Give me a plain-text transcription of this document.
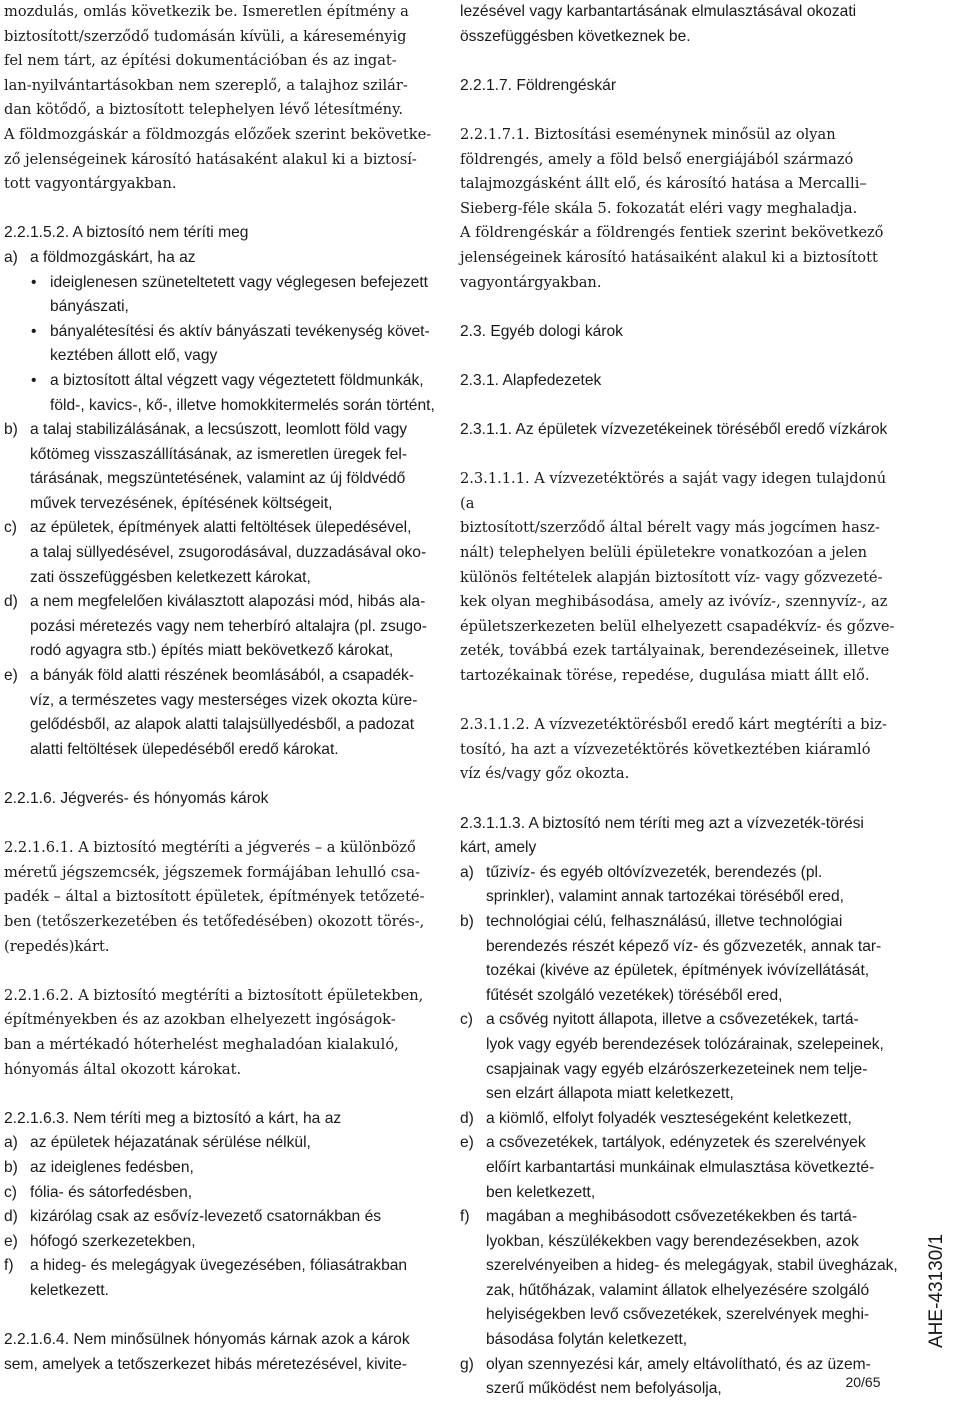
mozdulás, omlás következik be. Ismeretlen építmény a
biztosított/szerződő tudomásán kívüli, a káreseményig
fel nem tárt, az építési dokumentációban és az ingat-
lan-nyilvántartásokban nem szereplő, a talajhoz szilár-
dan kötődő, a biztosított telephelyen lévő létesítmény.
A földmozgáskár a földmozgás előzőek szerint bekövetke-
ző jelenségeinek károsító hatásaként alakul ki a biztosí-
tott vagyontárgyakban.
2.2.1.5.2. A biztosító nem téríti meg
a) a földmozgáskárt, ha az
• ideiglenesen szüneteltetett vagy véglegesen befejezett
bányászati,
• bányalétesítési és aktív bányászati tevékenység követ-
keztében állott elő, vagy
• a biztosított által végzett vagy végeztetett földmunkák,
föld-, kavics-, kő-, illetve homokkitermelés során történt,
b) a talaj stabilizálásának, a lecsúszott, leomlott föld vagy
kőtömeg visszaszállításának, az ismeretlen üregek fel-
tárásának, megszüntetésének, valamint az új földvédő
művek tervezésének, építésének költségeit,
c) az épületek, építmények alatti feltöltések ülepedésével,
a talaj süllyedésével, zsugorodásával, duzzadásával oko-
zati összefüggésben keletkezett károkat,
d) a nem megfelelően kiválasztott alapozási mód, hibás ala-
pozási méretezés vagy nem teherbíró altalajra (pl. zsugo-
rodó agyagra stb.) építés miatt bekövetkező károkat,
e) a bányák föld alatti részének beomlásából, a csapadék-
víz, a természetes vagy mesterséges vizek okozta küre-
gelődésből, az alapok alatti talajsüllyedésből, a padozat
alatti feltöltések ülepedéséből eredő károkat.
2.2.1.6. Jégverés- és hónyomás károk
2.2.1.6.1. A biztosító megtéríti a jégverés – a különböző
méretű jégszemcsék, jégszemek formájában lehulló csa-
padék – által a biztosított épületek, építmények tetőzeté-
ben (tetőszerkezetében és tetőfedésében) okozott törés-,
(repedés)kárt.
2.2.1.6.2. A biztosító megtéríti a biztosított épületekben,
építményekben és az azokban elhelyezett ingóságok-
ban a mértékadó hóterhelést meghaladóan kialakuló,
hónyomás által okozott károkat.
2.2.1.6.3. Nem téríti meg a biztosító a kárt, ha az
a) az épületek héjazatának sérülése nélkül,
b) az ideiglenes fedésben,
c) fólia- és sátorfedésben,
d) kizárólag csak az esővíz-levezető csatornákban és
e) hófogó szerkezetekben,
f) a hideg- és melegágyak üvegezésében, fóliasátrakban
keletkezett.
2.2.1.6.4. Nem minősülnek hónyomás kárnak azok a károk
sem, amelyek a tetőszerkezet hibás méretezésével, kivite-
lezésével vagy karbantartásának elmulasztásával okozati
összefüggésben következnek be.
2.2.1.7. Földrengéskár
2.2.1.7.1. Biztosítási eseménynek minősül az olyan
földrengés, amely a föld belső energiájából származó
talajmozgásként állt elő, és károsító hatása a Mercalli–
Sieberg-féle skála 5. fokozatát eléri vagy meghaladja.
A földrengéskár a földrengés fentiek szerint bekövetkező
jelenségeinek károsító hatásaiként alakul ki a biztosított
vagyontárgyakban.
2.3. Egyéb dologi károk
2.3.1. Alapfedezetek
2.3.1.1. Az épületek vízvezetékeinek töréséből eredő vízkárok
2.3.1.1.1. A vízvezetéktörés a saját vagy idegen tulajdonú (a
biztosított/szerződő által bérelt vagy más jogcímen hasz-
nált) telephelyen belüli épületekre vonatkozóan a jelen
különös feltételek alapján biztosított víz- vagy gőzvezeté-
kek olyan meghibásodása, amely az ivóvíz-, szennyvíz-, az
épületszerkezeten belül elhelyezett csapadékvíz- és gőzve-
zeték, továbbá ezek tartályainak, berendezéseinek, illetve
tartozékainak törése, repedése, dugulása miatt állt elő.
2.3.1.1.2. A vízvezetéktörésből eredő kárt megtéríti a biz-
tosító, ha azt a vízvezetéktörés következtében kiáramló
víz és/vagy gőz okozta.
2.3.1.1.3. A biztosító nem téríti meg azt a vízvezeték-törési
kárt, amely
a) tűzivíz- és egyéb oltóvízvezeték, berendezés (pl.
sprinkler), valamint annak tartozékai töréséből ered,
b) technológiai célú, felhasználású, illetve technológiai
berendezés részét képező víz- és gőzvezeték, annak tar-
tozékai (kivéve az épületek, építmények ivóvízellátását,
fűtését szolgáló vezetékek) töréséből ered,
c) a csővég nyitott állapota, illetve a csővezetékek, tartá-
lyok vagy egyéb berendezések tolózárainak, szelepeinek,
csapjainak vagy egyéb elzárószerkezeteinek nem telje-
sen elzárt állapota miatt keletkezett,
d) a kiömlő, elfolyt folyadék veszteségeként keletkezett,
e) a csővezetékek, tartályok, edényzetek és szerelvények
előírt karbantartási munkáinak elmulasztása következté-
ben keletkezett,
f) magában a meghibásodott csővezetékekben és tartá-
lyokban, készülékekben vagy berendezésekben, azok
szerelvényeiben a hideg- és melegágyak, stabil üvegházak,
zak, hűtőházak, valamint állatok elhelyezésére szolgáló
helyiségekben levő csővezetékek, szerelvények meghi-
básodása folytán keletkezett,
g) olyan szennyezési kár, amely eltávolítható, és az üzem-
szerű működést nem befolyásolja,
AHE-43130/1
20/65
